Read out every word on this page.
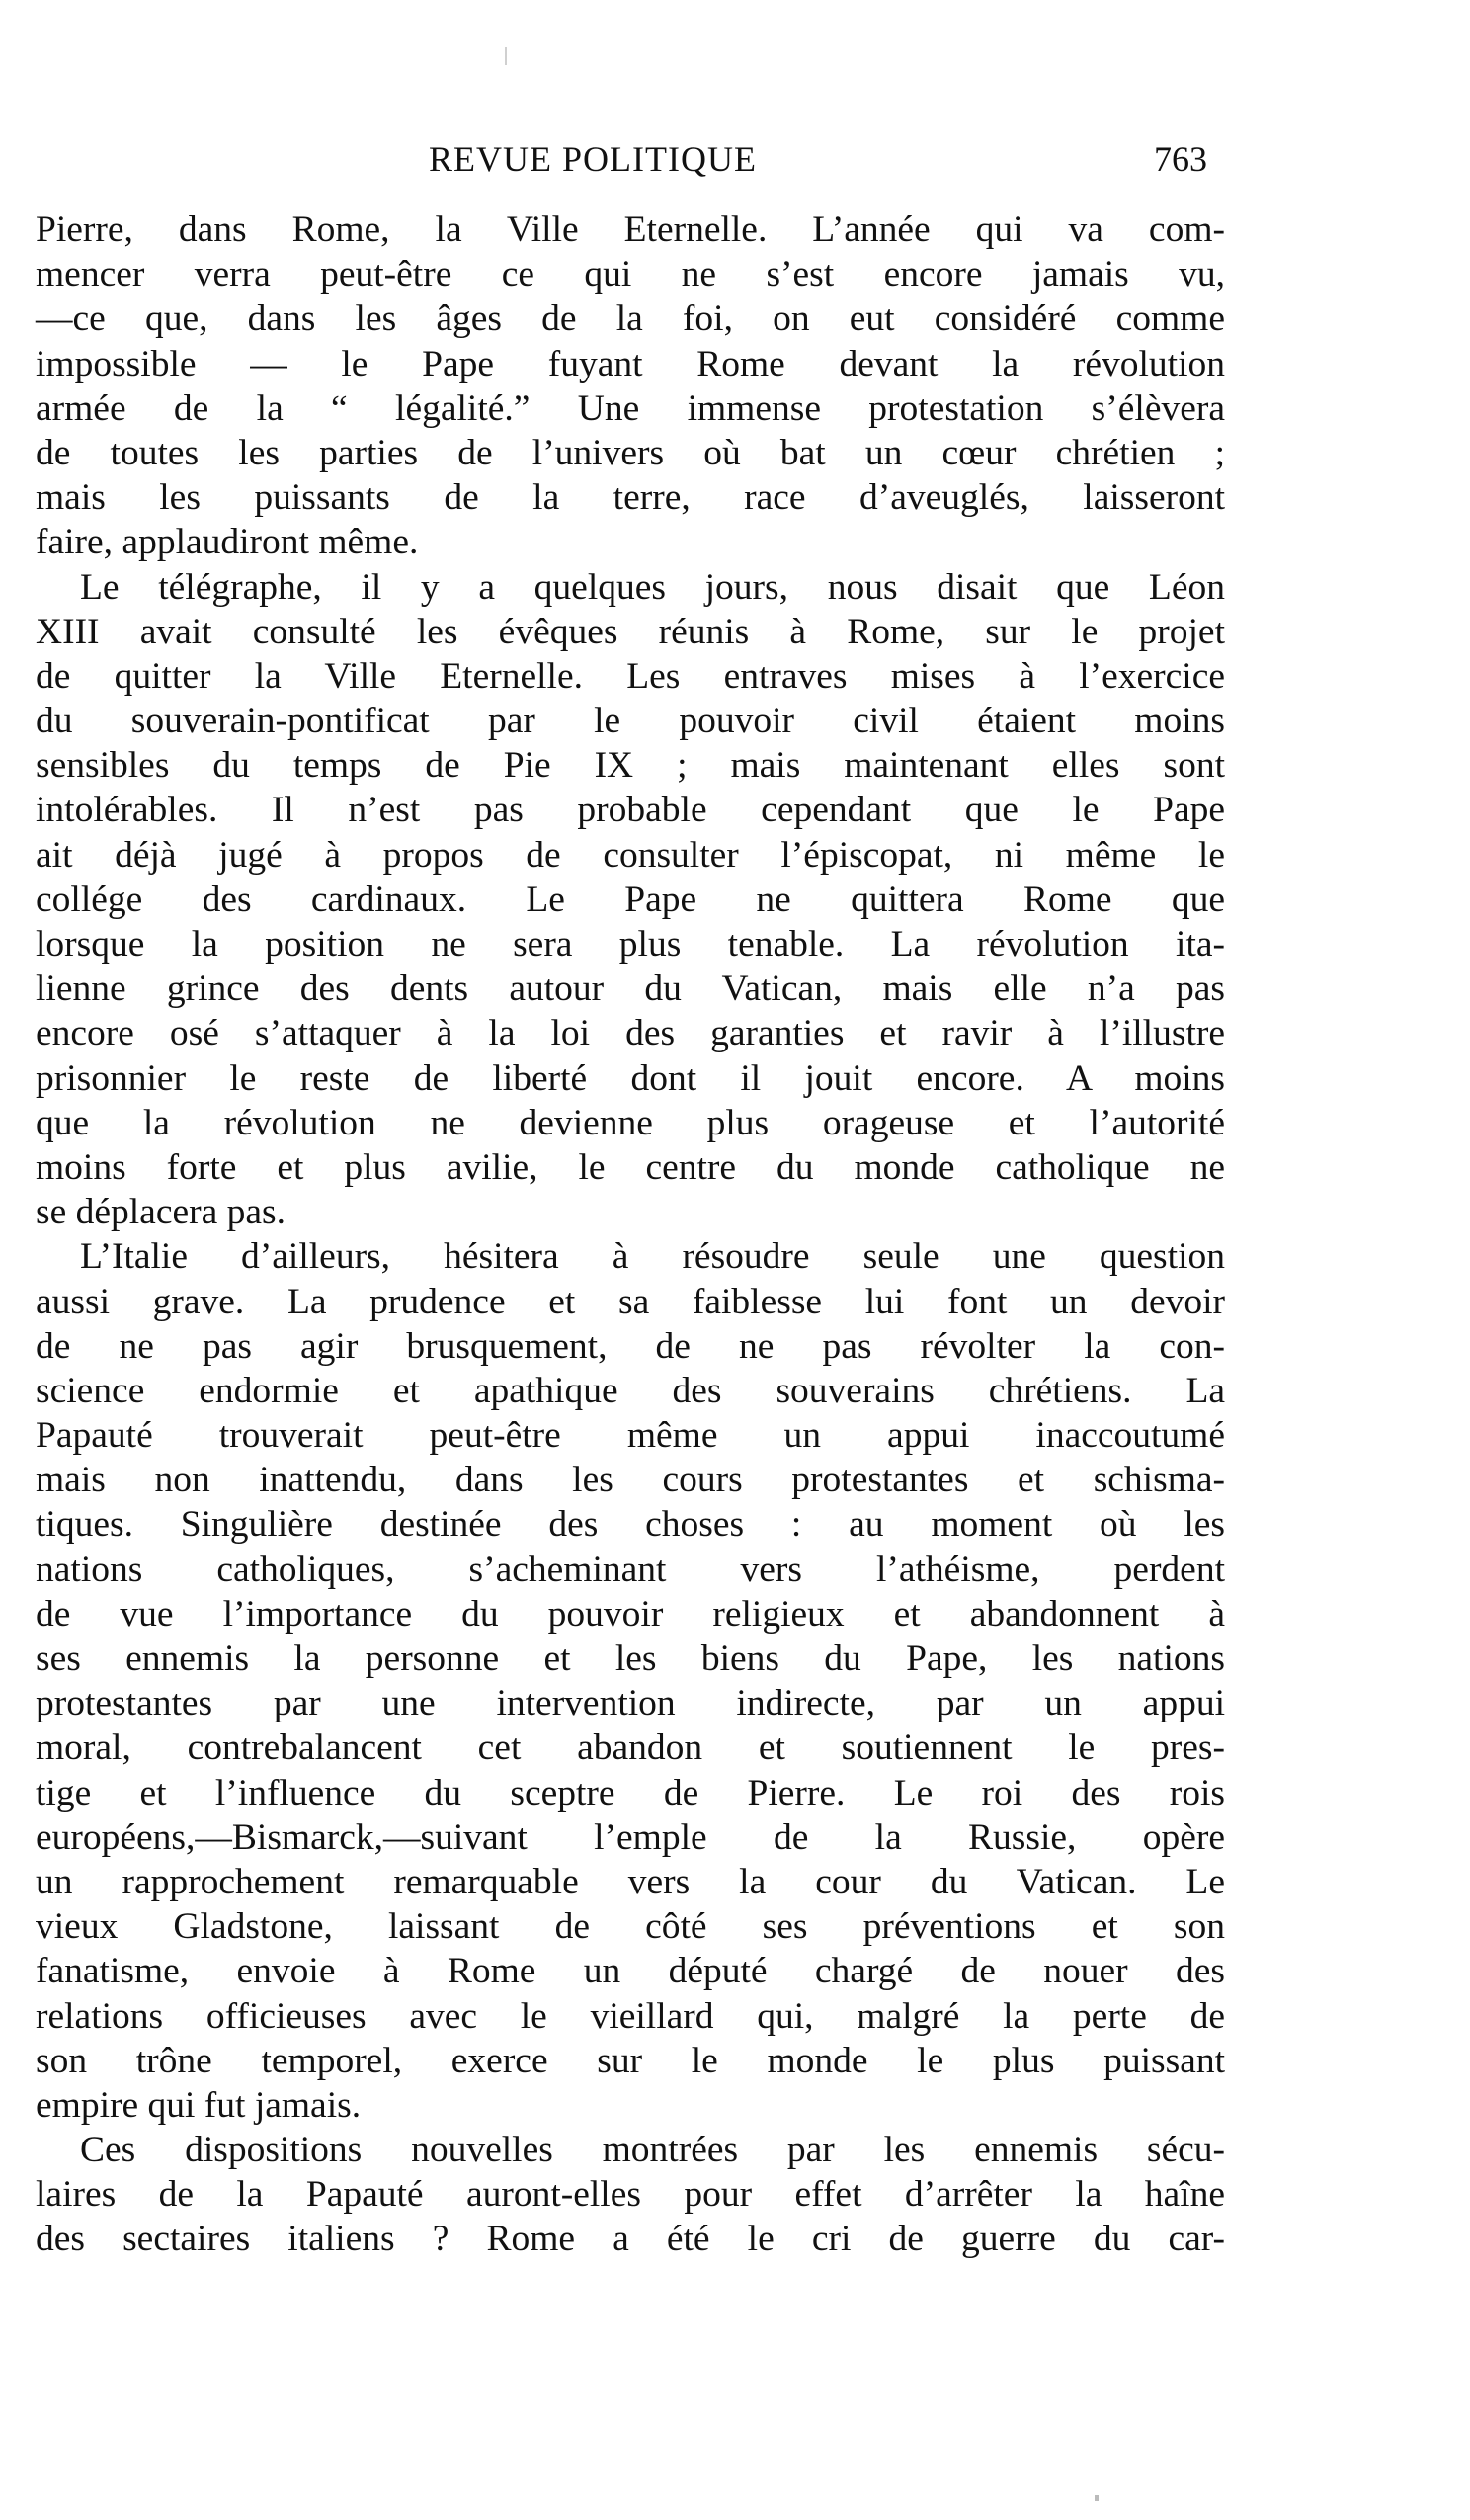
REVUE POLITIQUE	763
Pierre, dans Rome, la Ville Eternelle. L’année qui va com-
mencer verra peut-être ce qui ne s’est encore jamais vu,
—ce que, dans les âges de la foi, on eut considéré comme
impossible — le Pape fuyant Rome devant la révolution
armée de la “ légalité.” Une immense protestation s’élèvera
de toutes les parties de l’univers où bat un cœur chrétien ;
mais les puissants de la terre, race d’aveuglés, laisseront
faire, applaudiront même.
Le télégraphe, il y a quelques jours, nous disait que Léon
XIII avait consulté les évêques réunis à Rome, sur le projet
de quitter la Ville Eternelle. Les entraves mises à l’exercice
du souverain-pontificat par le pouvoir civil étaient moins
sensibles du temps de Pie IX ; mais maintenant elles sont
intolérables. Il n’est pas probable cependant que le Pape
ait déjà jugé à propos de consulter l’épiscopat, ni même le
collége des cardinaux. Le Pape ne quittera Rome que
lorsque la position ne sera plus tenable. La révolution ita-
lienne grince des dents autour du Vatican, mais elle n’a pas
encore osé s’attaquer à la loi des garanties et ravir à l’illustre
prisonnier le reste de liberté dont il jouit encore. A moins
que la révolution ne devienne plus orageuse et l’autorité
moins forte et plus avilie, le centre du monde catholique ne
se déplacera pas.
L’Italie d’ailleurs, hésitera à résoudre seule une question
aussi grave. La prudence et sa faiblesse lui font un devoir
de ne pas agir brusquement, de ne pas révolter la con-
science endormie et apathique des souverains chrétiens. La
Papauté trouverait peut-être même un appui inaccoutumé
mais non inattendu, dans les cours protestantes et schisma-
tiques. Singulière destinée des choses : au moment où les
nations catholiques, s’acheminant vers l’athéisme, perdent
de vue l’importance du pouvoir religieux et abandonnent à
ses ennemis la personne et les biens du Pape, les nations
protestantes par une intervention indirecte, par un appui
moral, contrebalancent cet abandon et soutiennent le pres-
tige et l’influence du sceptre de Pierre. Le roi des rois
européens,—Bismarck,—suivant l’emple de la Russie, opère
un rapprochement remarquable vers la cour du Vatican. Le
vieux Gladstone, laissant de côté ses préventions et son
fanatisme, envoie à Rome un député chargé de nouer des
relations officieuses avec le vieillard qui, malgré la perte de
son trône temporel, exerce sur le monde le plus puissant
empire qui fut jamais.
Ces dispositions nouvelles montrées par les ennemis sécu-
laires de la Papauté auront-elles pour effet d’arrêter la haîne
des sectaires italiens ? Rome a été le cri de guerre du car-
